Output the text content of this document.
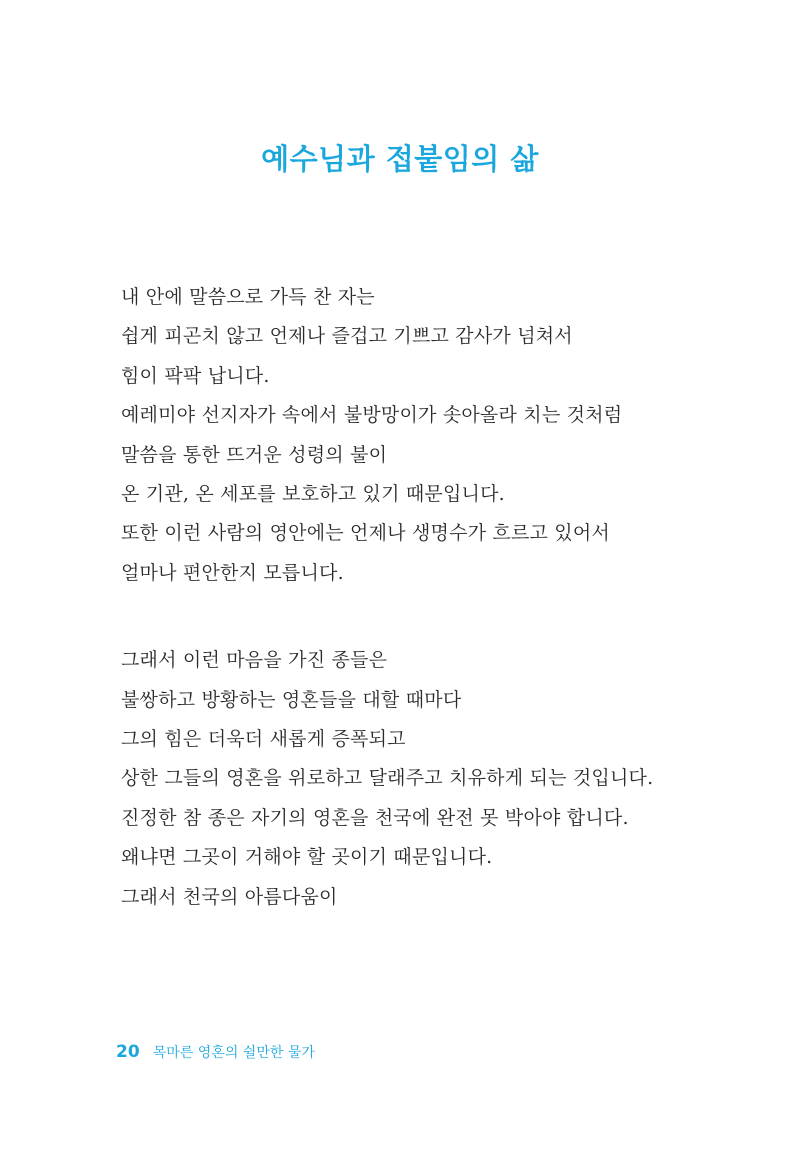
예수님과 접붙임의 삶
내 안에 말씀으로 가득 찬 자는
쉽게 피곤치 않고 언제나 즐겁고 기쁘고 감사가 넘쳐서
힘이 팍팍 납니다.
예레미야 선지자가 속에서 불방망이가 솟아올라 치는 것처럼
말씀을 통한 뜨거운 성령의 불이
온 기관, 온 세포를 보호하고 있기 때문입니다.
또한 이런 사람의 영안에는 언제나 생명수가 흐르고 있어서
얼마나 편안한지 모릅니다.
그래서 이런 마음을 가진 종들은
불쌍하고 방황하는 영혼들을 대할 때마다
그의 힘은 더욱더 새롭게 증폭되고
상한 그들의 영혼을 위로하고 달래주고 치유하게 되는 것입니다.
진정한 참 종은 자기의 영혼을 천국에 완전 못 박아야 합니다.
왜냐면 그곳이 거해야 할 곳이기 때문입니다.
그래서 천국의 아름다움이
20 목마른 영혼의 쉴만한 물가
